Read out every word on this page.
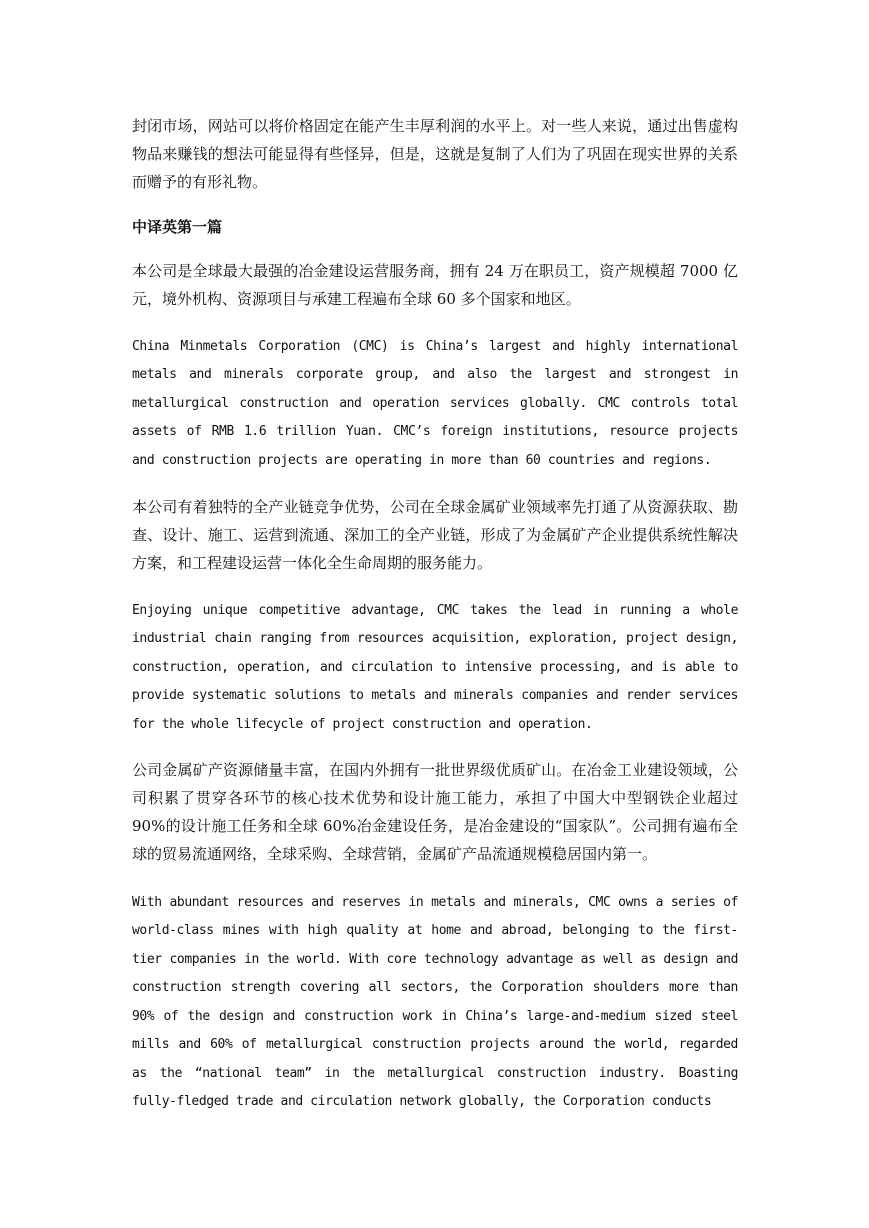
封闭市场，网站可以将价格固定在能产生丰厚利润的水平上。对一些人来说，通过出售虚构物品来赚钱的想法可能显得有些怪异，但是，这就是复制了人们为了巩固在现实世界的关系而赠予的有形礼物。

中译英第一篇

本公司是全球最大最强的冶金建设运营服务商，拥有 24 万在职员工，资产规模超 7000 亿元，境外机构、资源项目与承建工程遍布全球 60 多个国家和地区。

China Minmetals Corporation (CMC) is China’s largest and highly international metals and minerals corporate group, and also the largest and strongest in metallurgical construction and operation services globally. CMC controls total assets of RMB 1.6 trillion Yuan. CMC’s foreign institutions, resource projects and construction projects are operating in more than 60 countries and regions.

本公司有着独特的全产业链竞争优势，公司在全球金属矿业领域率先打通了从资源获取、勘查、设计、施工、运营到流通、深加工的全产业链，形成了为金属矿产企业提供系统性解决方案，和工程建设运营一体化全生命周期的服务能力。

Enjoying unique competitive advantage, CMC takes the lead in running a whole industrial chain ranging from resources acquisition, exploration, project design, construction, operation, and circulation to intensive processing, and is able to provide systematic solutions to metals and minerals companies and render services for the whole lifecycle of project construction and operation.

公司金属矿产资源储量丰富，在国内外拥有一批世界级优质矿山。在冶金工业建设领域，公司积累了贯穿各环节的核心技术优势和设计施工能力，承担了中国大中型钢铁企业超过 90%的设计施工任务和全球 60%冶金建设任务，是冶金建设的“国家队”。公司拥有遍布全球的贸易流通网络，全球采购、全球营销，金属矿产品流通规模稳居国内第一。

With abundant resources and reserves in metals and minerals, CMC owns a series of world-class mines with high quality at home and abroad, belonging to the first-tier companies in the world. With core technology advantage as well as design and construction strength covering all sectors, the Corporation shoulders more than 90% of the design and construction work in China’s large-and-medium sized steel mills and 60% of metallurgical construction projects around the world, regarded as the “national team” in the metallurgical construction industry. Boasting fully-fledged trade and circulation network globally, the Corporation conducts
